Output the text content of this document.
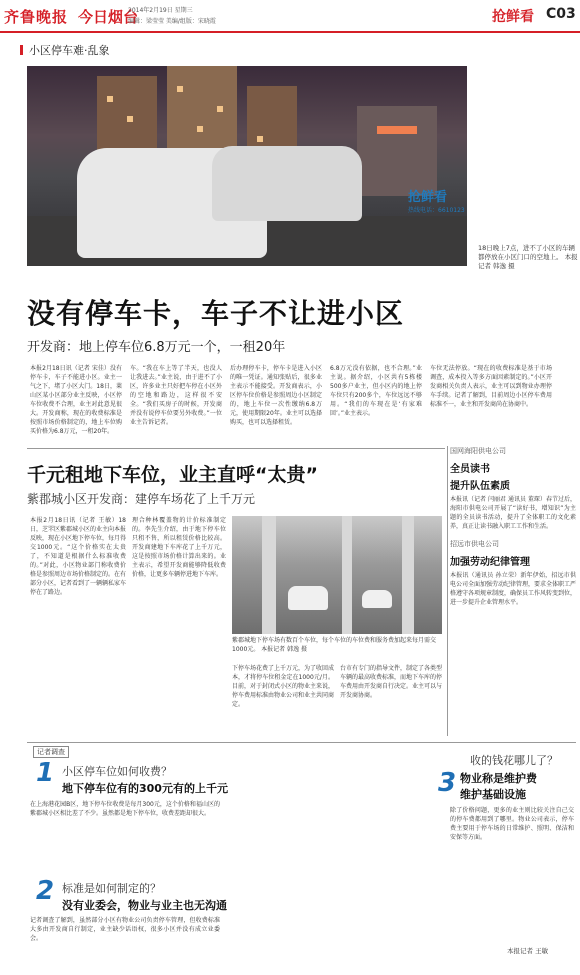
齐鲁晚报 今日烟台
2014年2月19日 星期三
编辑：梁莹莹 美编/组版：宋晓霞	抢鲜看 C03
小区停车难·乱象
抢鲜看
热线电话：6610123
18日晚上7点，进不了小区的车辆都停放在小区门口的空地上。 本报记者 韩逸 摄
没有停车卡，车子不让进小区
开发商：地上停车位6.8万元一个，一租20年
本报2月18日讯（记者 宋佳）没有停车卡，车子不能进小区。业主一气之下，堵了小区大门。18日，莱山区某小区部分业主反映，小区停车位收费不合理，业主对此意见很大。开发商称，现在的收费标准是按照市场价格制定的，地上车位购买价格为6.8万元，一租20年。
车。“我在车上等了半天，也没人让我进去。”业主说，由于进不了小区，许多业主只好把车停在小区外的空地和路边，这样很不安全。“我们买房子的时候，开发商并没有说停车位要另外收费。”一位业主告诉记者。
后办理停车卡，停车卡是进入小区的唯一凭证。通知张贴后，很多业主表示不能接受。开发商表示，小区停车位价格是参照周边小区制定的，地上车位一次性缴纳6.8万元，使用期限20年。业主可以选择购买，也可以选择租赁。
6.8万元没有依据，也不合理。”业主说。据介绍，小区共有5栋楼500多户业主，但小区内的地上停车位只有200多个，车位远远不够用。“我们的车现在是‘有家难回’。”业主表示。
车位无法停放。“现在的收费标准是基于市场调查，成本投入等多方面因素制定的。”小区开发商相关负责人表示，业主可以到物业办理停车手续。记者了解到，目前周边小区停车费用标准不一，业主和开发商尚在协商中。
千元租地下车位，业主直呼“太贵”
紫郡城小区开发商：建停车场花了上千万元
本报2月18日讯（记者 王敏）18日，芝罘区紫郡城小区的业主向本报反映，现在小区地下停车位，每月得交1000元。“这个价格实在太贵了，不知道是根据什么标准收费的。”对此，小区物业部门称收费价格是参照周边市场价格制定的。在有部分小区，记者看到了一辆辆私家车停在了路边。
理合种林覆盖物的计价标准制定的。李先生介绍，由于地下停车位只租不售，所以租赁价格比较高。开发商建地下车库花了上千万元，这是按照市场价格计算出来的。业主表示，希望开发商能够降低收费价格，让更多车辆停进地下车库。
紫郡城地下停车场有数百个车位，每个车位的车位费和服务费加起来每月需交1000元。 本报记者 韩逸 摄
下停车场花费了上千万元，为了收回成本，才将停车位租金定在1000元/月。目前，对于封闭式小区的物业主来说，停车费用标准由物业公司和业主共同商定。
台市有专门的指导文件，制定了各类型车辆的最高收费标准，而地下车库的停车费用由开发商自行决定。业主可以与开发商协商。
国网海阳供电公司
全员读书
提升队伍素质
本报讯（记者 闫丽君 通讯员 董琛）春节过后，海阳市供电公司开展了“读好书，增知识”为主题的全员读书活动，提升了全体职工的文化素养，真正让读书融入职工工作和生活。
招远市供电公司
加强劳动纪律管理
本报讯（通讯员 孙立荣）新年伊始，招远市供电公司全面加强劳动纪律管理，要求全体职工严格遵守各项规章制度，确保员工作风转变到位，进一步提升企业管理水平。
记者调查
1 小区停车位如何收费？
地下停车位有的300元有的上千元
在上海港花园B区，地下停车位收费是每月300元，这个价格和福山区的紫郡城小区相比差了不少。虽然都是地下停车位，收费差距却很大。
2 标准是如何制定的？
没有业委会，物业与业主也无沟通
记者调查了解到，虽然部分小区有物业公司负责停车管理，但收费标准大多由开发商自行制定，业主缺少话语权，很多小区并没有成立业委会。
3
收的钱花哪儿了？
物业称是维护费
维护基础设施
除了价格问题，更多的业主则比较关注自己交的停车费都用到了哪里。物业公司表示，停车费主要用于停车场的日常维护、照明、保洁和安保等方面。
本报记者 王敏
